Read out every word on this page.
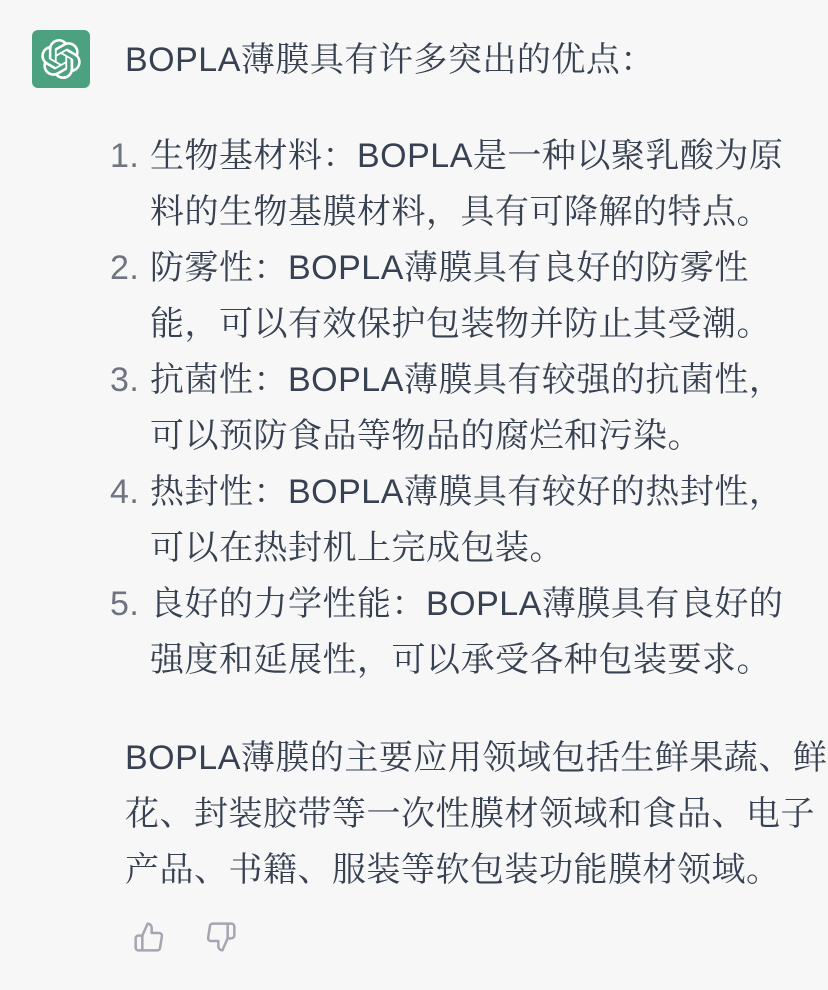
BOPLA薄膜具有许多突出的优点：

1. 生物基材料：BOPLA是一种以聚乳酸为原
料的生物基膜材料，具有可降解的特点。
2. 防雾性：BOPLA薄膜具有良好的防雾性
能，可以有效保护包装物并防止其受潮。
3. 抗菌性：BOPLA薄膜具有较强的抗菌性，
可以预防食品等物品的腐烂和污染。
4. 热封性：BOPLA薄膜具有较好的热封性，
可以在热封机上完成包装。
5. 良好的力学性能：BOPLA薄膜具有良好的
强度和延展性，可以承受各种包装要求。

BOPLA薄膜的主要应用领域包括生鲜果蔬、鲜
花、封装胶带等一次性膜材领域和食品、电子
产品、书籍、服装等软包装功能膜材领域。
